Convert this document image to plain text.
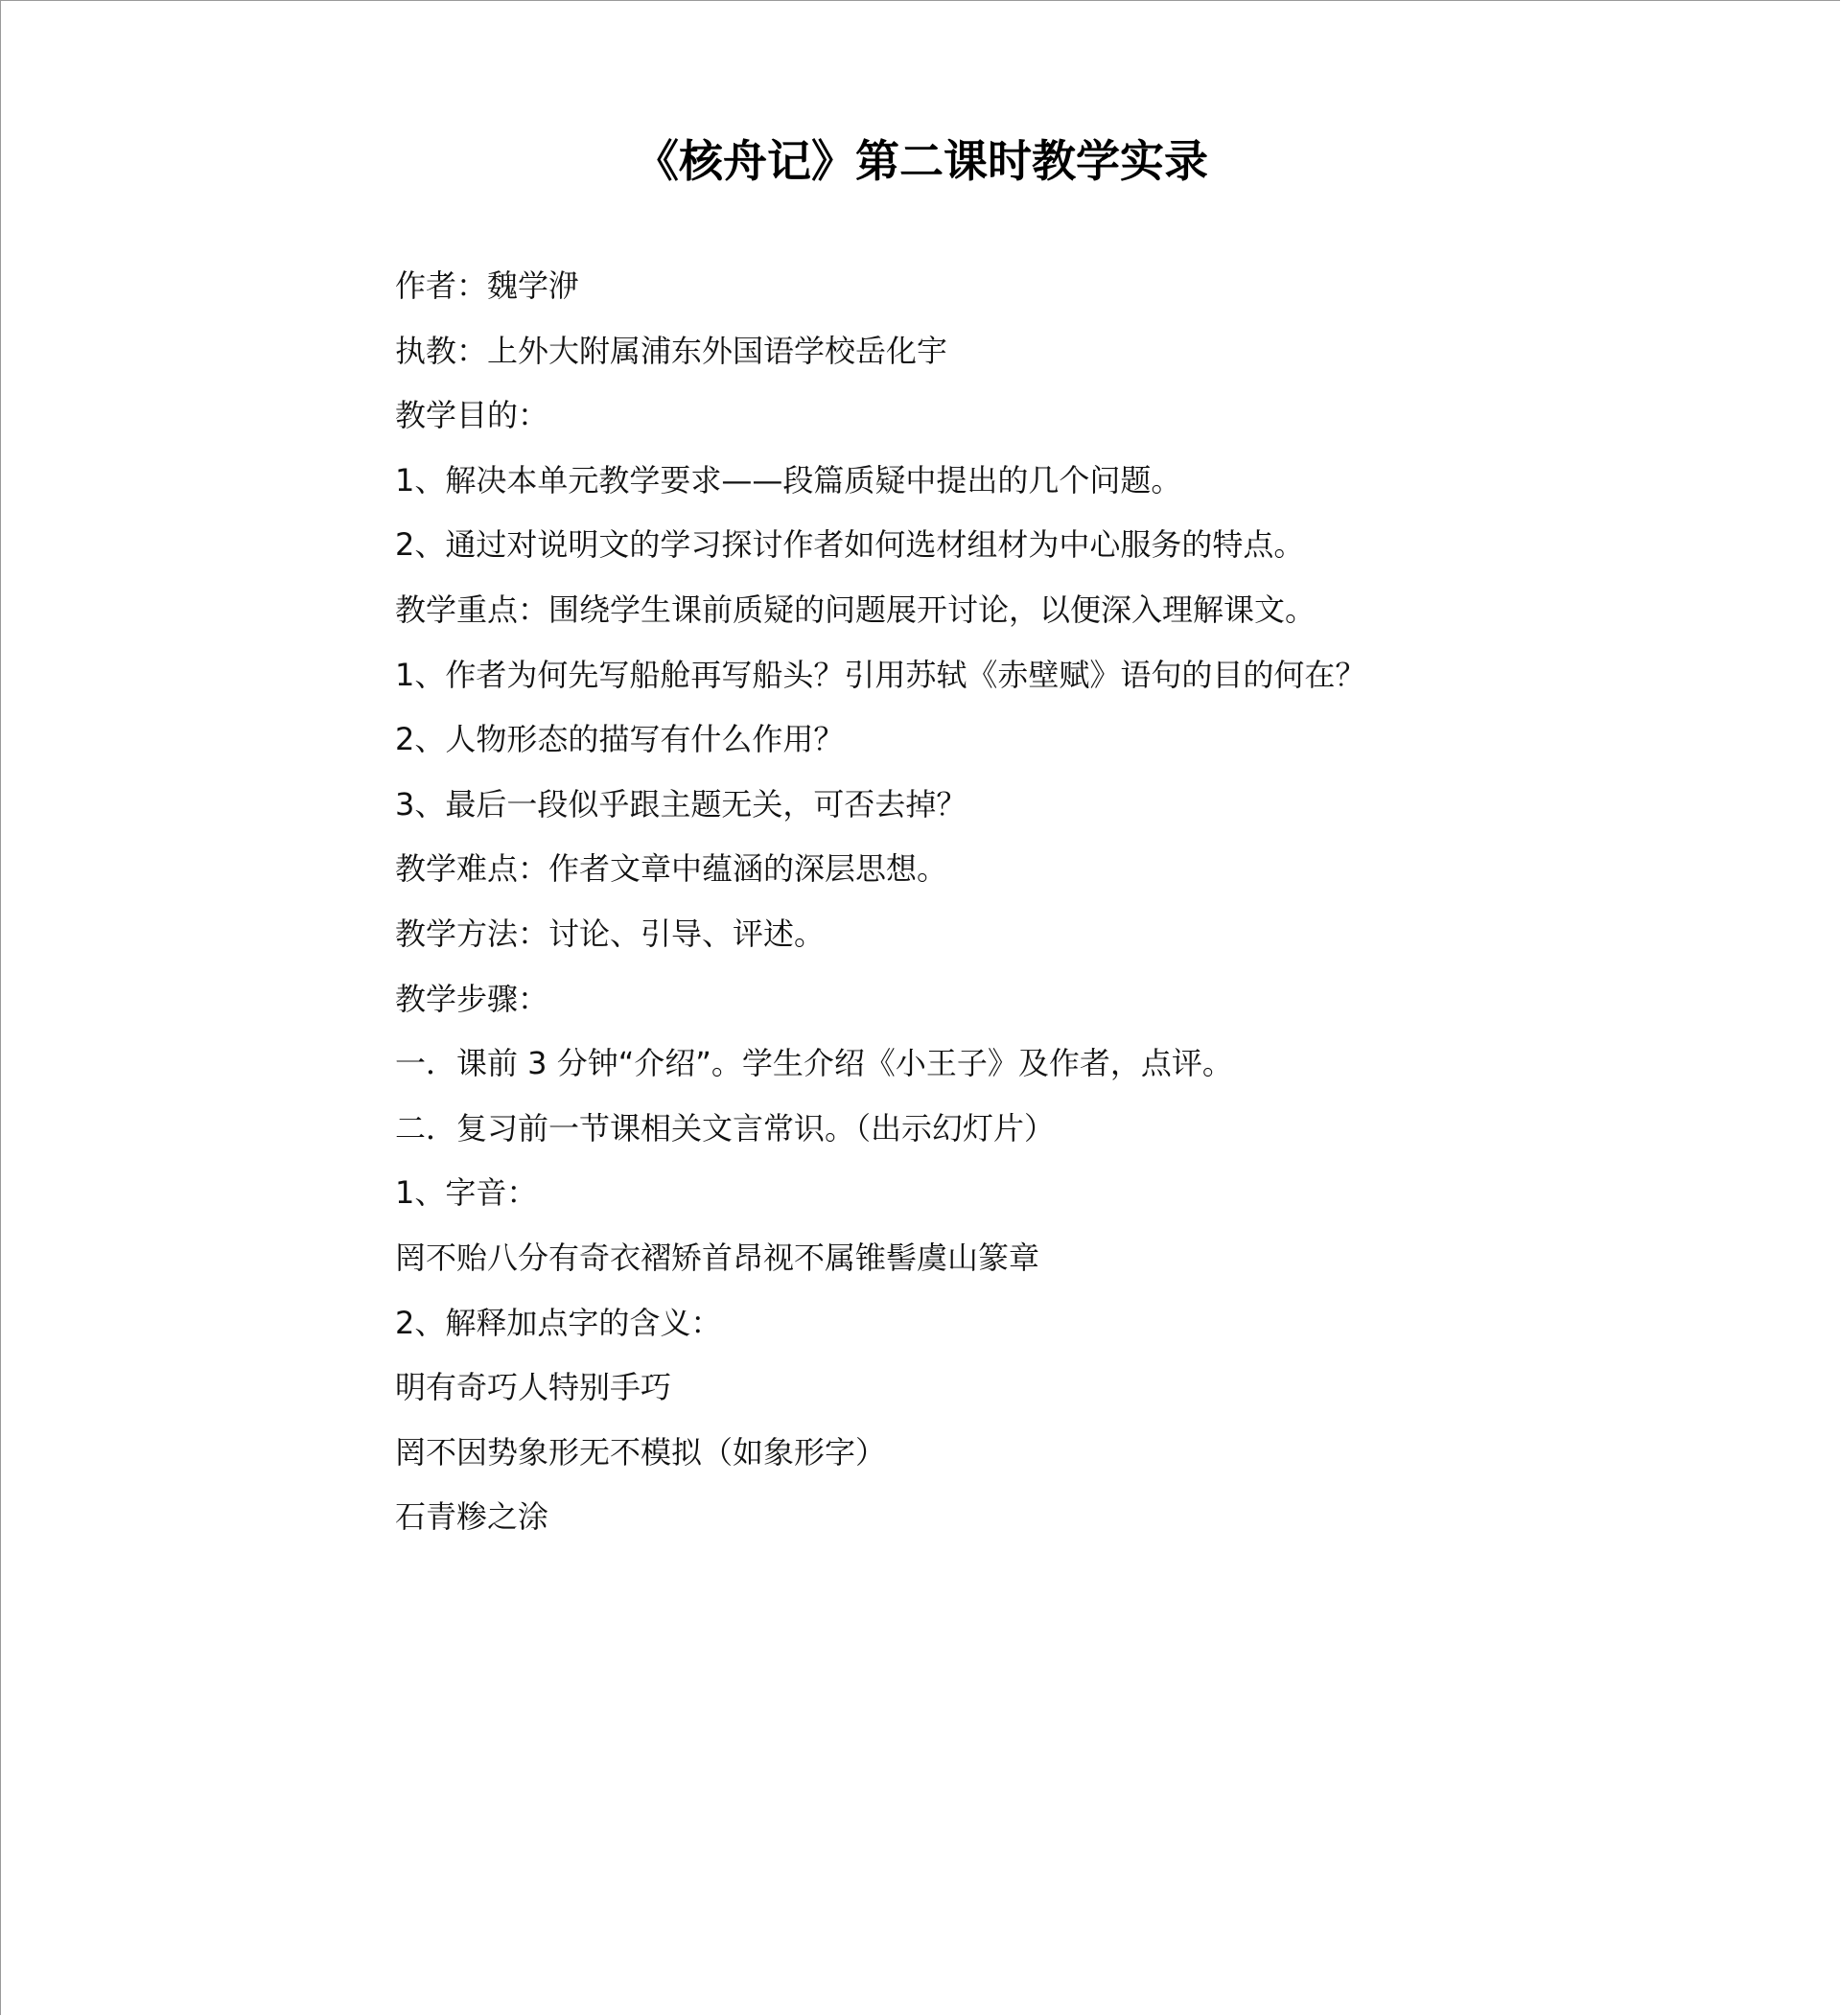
《核舟记》第二课时教学实录
作者：魏学洢
执教：上外大附属浦东外国语学校岳化宇
教学目的：
1、解决本单元教学要求——段篇质疑中提出的几个问题。
2、通过对说明文的学习探讨作者如何选材组材为中心服务的特点。
教学重点：围绕学生课前质疑的问题展开讨论，以便深入理解课文。
1、作者为何先写船舱再写船头？引用苏轼《赤壁赋》语句的目的何在？
2、人物形态的描写有什么作用？
3、最后一段似乎跟主题无关，可否去掉？
教学难点：作者文章中蕴涵的深层思想。
教学方法：讨论、引导、评述。
教学步骤：
一．课前 3 分钟“介绍”。学生介绍《小王子》及作者，点评。
二．复习前一节课相关文言常识。（出示幻灯片）
1、字音：
罔不贻八分有奇衣褶矫首昂视不属锥髻虞山篆章
2、解释加点字的含义：
明有奇巧人特别手巧
罔不因势象形无不模拟（如象形字）
石青糁之涂
